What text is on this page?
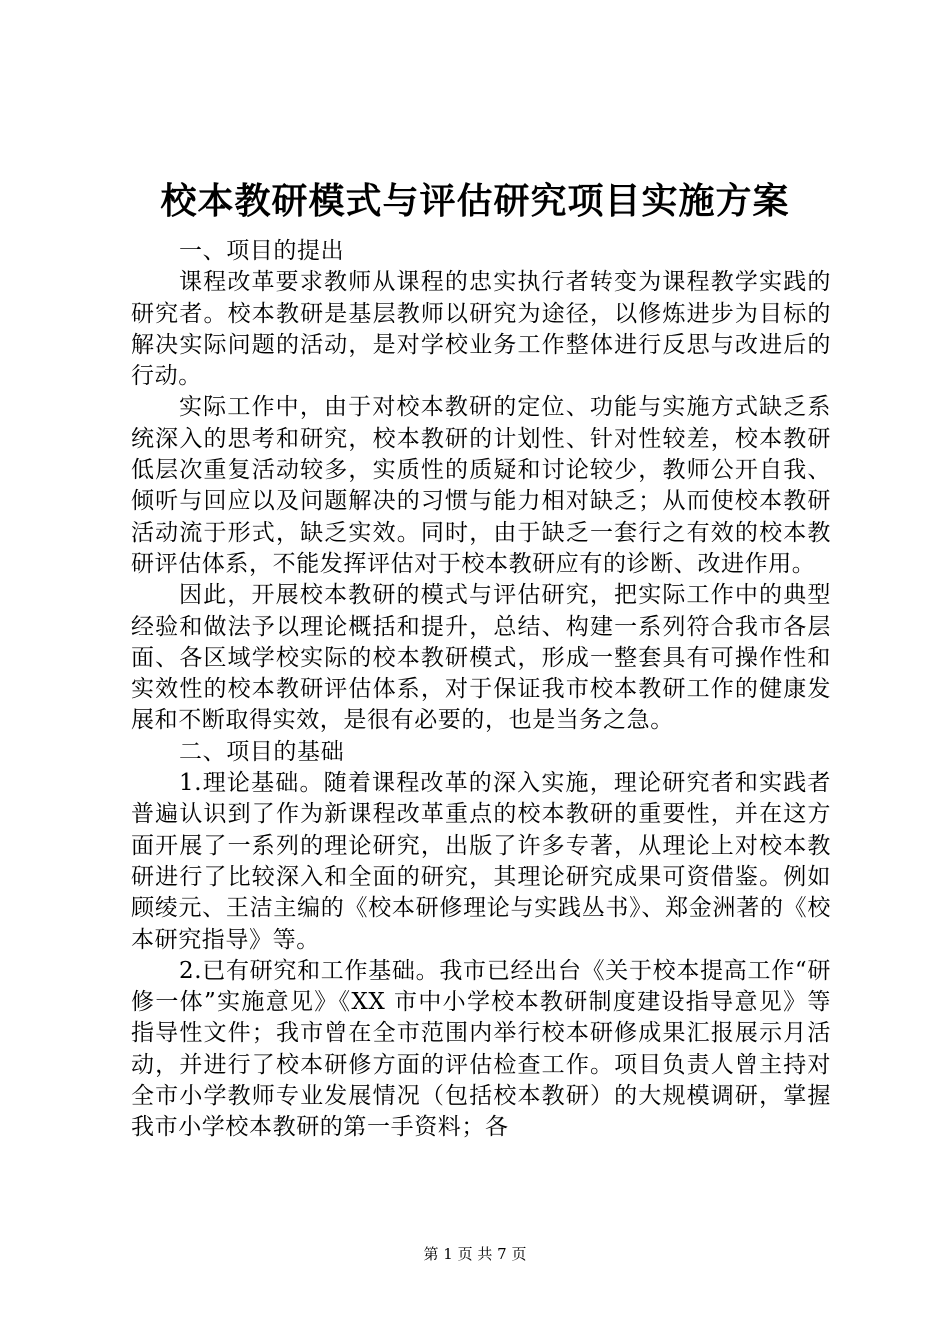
校本教研模式与评估研究项目实施方案

一、项目的提出

课程改革要求教师从课程的忠实执行者转变为课程教学实践的研究者。校本教研是基层教师以研究为途径，以修炼进步为目标的解决实际问题的活动，是对学校业务工作整体进行反思与改进后的行动。

实际工作中，由于对校本教研的定位、功能与实施方式缺乏系统深入的思考和研究，校本教研的计划性、针对性较差，校本教研低层次重复活动较多，实质性的质疑和讨论较少，教师公开自我、倾听与回应以及问题解决的习惯与能力相对缺乏；从而使校本教研活动流于形式，缺乏实效。同时，由于缺乏一套行之有效的校本教研评估体系，不能发挥评估对于校本教研应有的诊断、改进作用。

因此，开展校本教研的模式与评估研究，把实际工作中的典型经验和做法予以理论概括和提升，总结、构建一系列符合我市各层面、各区域学校实际的校本教研模式，形成一整套具有可操作性和实效性的校本教研评估体系，对于保证我市校本教研工作的健康发展和不断取得实效，是很有必要的，也是当务之急。

二、项目的基础

1.理论基础。随着课程改革的深入实施，理论研究者和实践者普遍认识到了作为新课程改革重点的校本教研的重要性，并在这方面开展了一系列的理论研究，出版了许多专著，从理论上对校本教研进行了比较深入和全面的研究，其理论研究成果可资借鉴。例如顾绫元、王洁主编的《校本研修理论与实践丛书》、郑金洲著的《校本研究指导》等。

2.已有研究和工作基础。我市已经出台《关于校本提高工作“研修一体”实施意见》《XX 市中小学校本教研制度建设指导意见》等指导性文件；我市曾在全市范围内举行校本研修成果汇报展示月活动，并进行了校本研修方面的评估检查工作。项目负责人曾主持对全市小学教师专业发展情况（包括校本教研）的大规模调研，掌握我市小学校本教研的第一手资料；各

第 1 页 共 7 页
